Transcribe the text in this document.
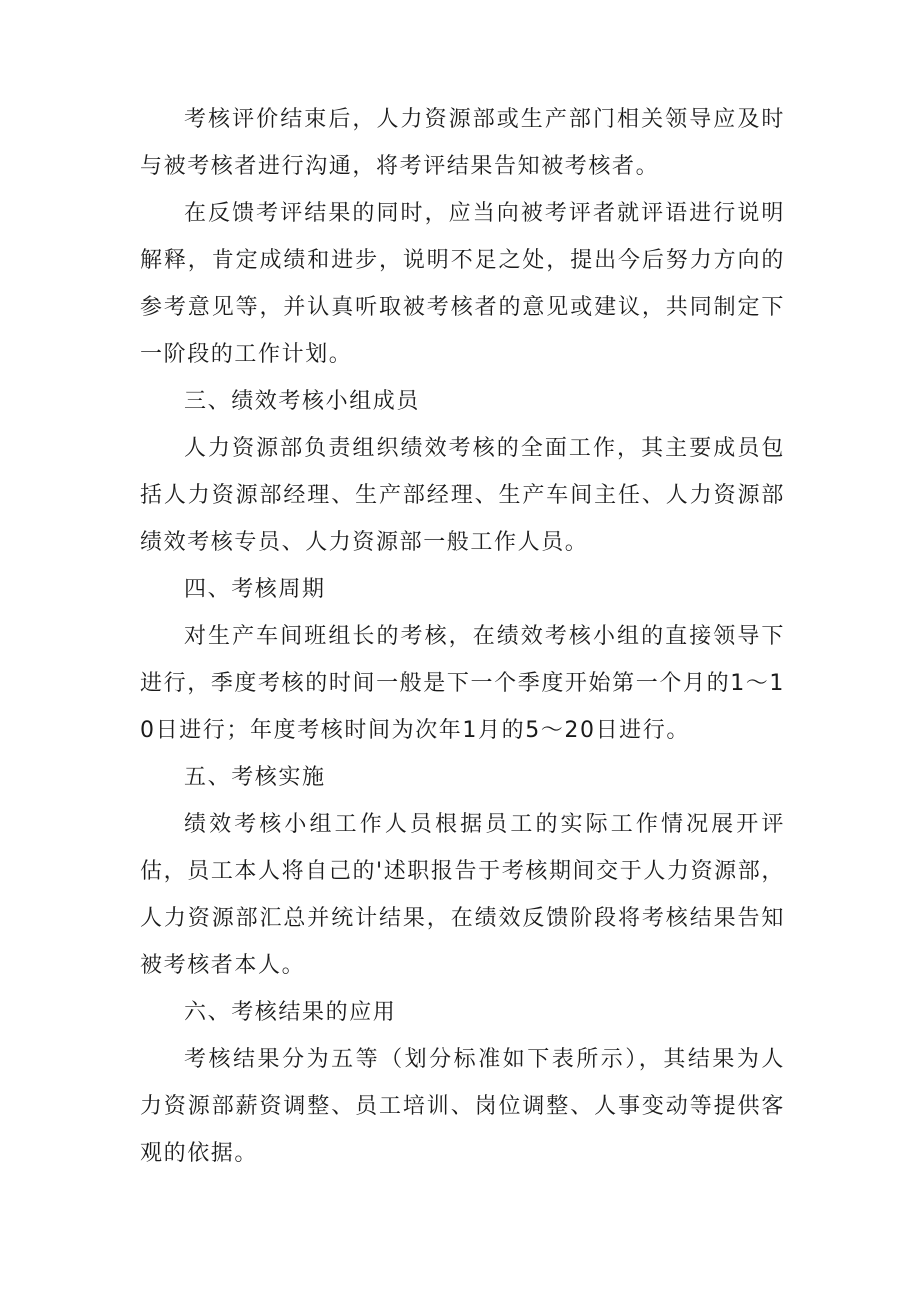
考核评价结束后，人力资源部或生产部门相关领导应及时与被考核者进行沟通，将考评结果告知被考核者。

在反馈考评结果的同时，应当向被考评者就评语进行说明解释，肯定成绩和进步，说明不足之处，提出今后努力方向的参考意见等，并认真听取被考核者的意见或建议，共同制定下一阶段的工作计划。

三、绩效考核小组成员

人力资源部负责组织绩效考核的全面工作，其主要成员包括人力资源部经理、生产部经理、生产车间主任、人力资源部绩效考核专员、人力资源部一般工作人员。

四、考核周期

对生产车间班组长的考核，在绩效考核小组的直接领导下进行，季度考核的时间一般是下一个季度开始第一个月的1～10日进行；年度考核时间为次年1月的5～20日进行。

五、考核实施

绩效考核小组工作人员根据员工的实际工作情况展开评估，员工本人将自己的'述职报告于考核期间交于人力资源部，人力资源部汇总并统计结果，在绩效反馈阶段将考核结果告知被考核者本人。

六、考核结果的应用

考核结果分为五等（划分标准如下表所示），其结果为人力资源部薪资调整、员工培训、岗位调整、人事变动等提供客观的依据。
